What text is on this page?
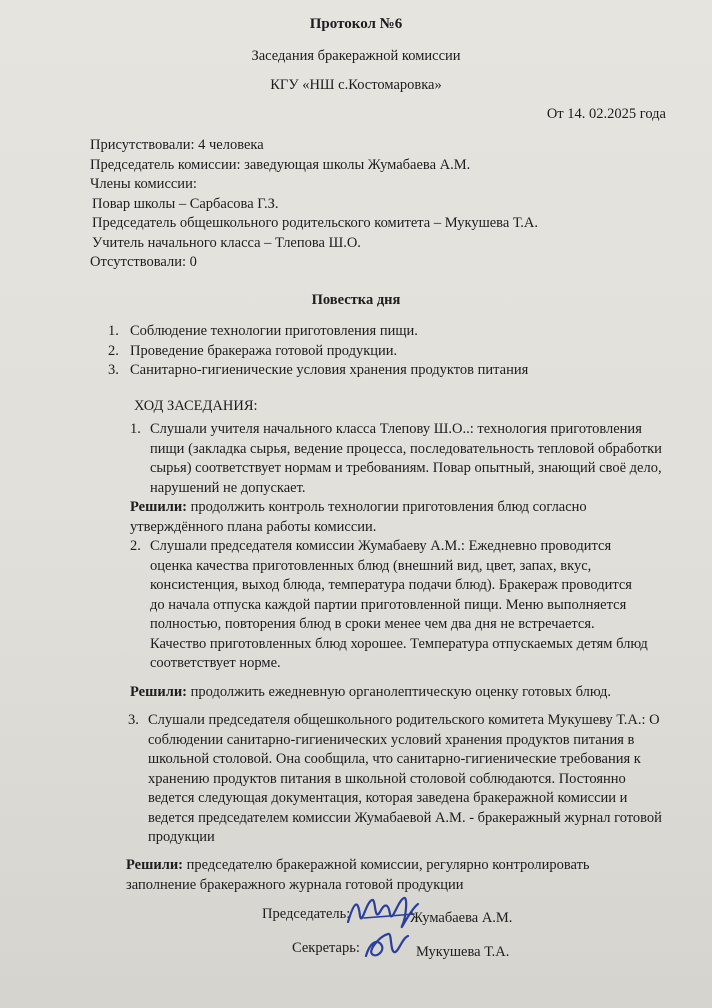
Протокол №6
Заседания бракеражной комиссии
КГУ «НШ с.Костомаровка»
От 14. 02.2025 года
Присутствовали: 4 человека
Председатель комиссии: заведующая школы Жумабаева А.М.
Члены комиссии:
Повар школы – Сарбасова Г.З.
Председатель общешкольного родительского комитета – Мукушева Т.А.
Учитель начального класса – Тлепова Ш.О.
Отсутствовали: 0
Повестка дня
1. Соблюдение технологии приготовления пищи.
2. Проведение бракеража готовой продукции.
3. Санитарно-гигиенические условия хранения продуктов питания
ХОД ЗАСЕДАНИЯ:
1. Слушали учителя начального класса Тлепову Ш.О..: технология приготовления пищи (закладка сырья, ведение процесса, последовательность тепловой обработки сырья) соответствует нормам и требованиям. Повар опытный, знающий своё дело, нарушений не допускает.
Решили: продолжить контроль технологии приготовления блюд согласно утверждённого плана работы комиссии.
2. Слушали председателя комиссии Жумабаеву А.М.: Ежедневно проводится оценка качества приготовленных блюд (внешний вид, цвет, запах, вкус, консистенция, выход блюда, температура подачи блюд). Бракераж проводится до начала отпуска каждой партии приготовленной пищи. Меню выполняется полностью, повторения блюд в сроки менее чем два дня не встречается. Качество приготовленных блюд хорошее. Температура отпускаемых детям блюд соответствует норме.
Решили: продолжить ежедневную органолептическую оценку готовых блюд.
3. Слушали председателя общешкольного родительского комитета Мукушеву Т.А.: О соблюдении санитарно-гигиенических условий хранения продуктов питания в школьной столовой. Она сообщила, что санитарно-гигиенические требования к хранению продуктов питания в школьной столовой соблюдаются. Постоянно ведется следующая документация, которая заведена бракеражной комиссии и ведется председателем комиссии Жумабаевой А.М. - бракеражный журнал готовой продукции
Решили: председателю бракеражной комиссии, регулярно контролировать заполнение бракеражного журнала готовой продукции
Председатель:	Жумабаева А.М.
Секретарь:	Мукушева Т.А.
